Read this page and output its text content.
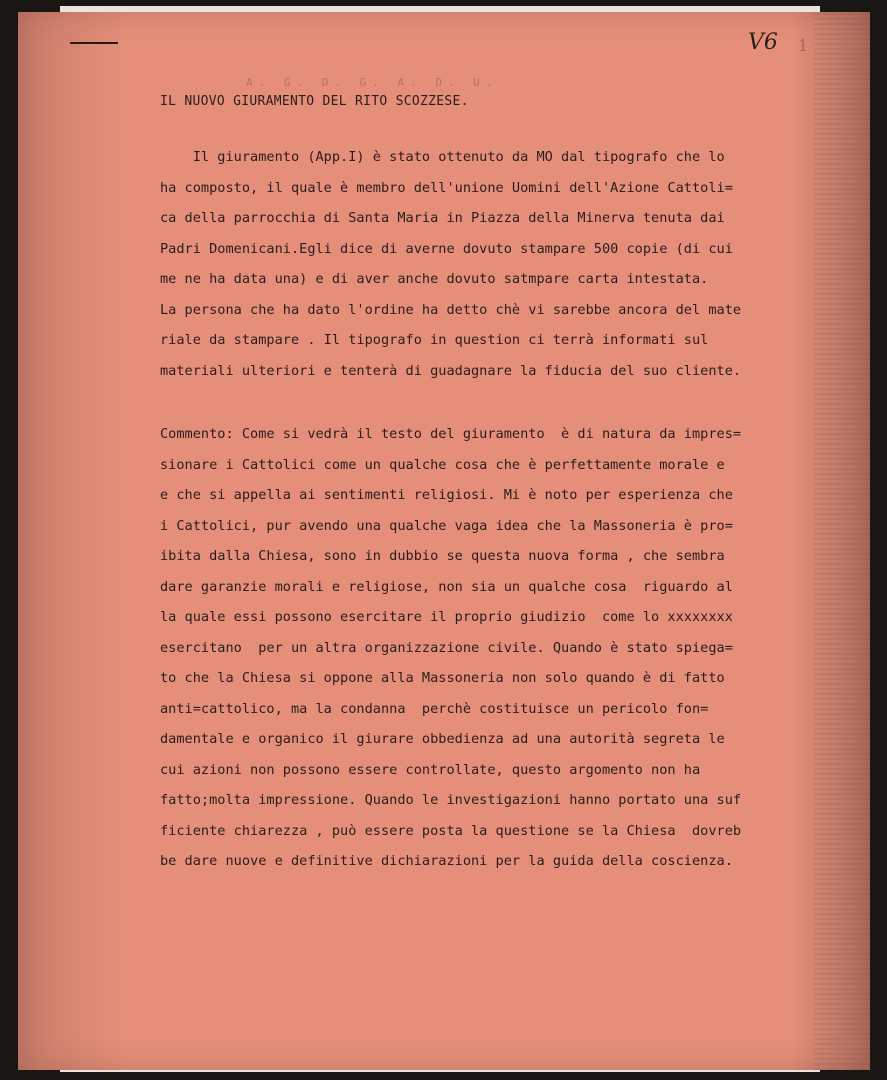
V6 1
A. G. D. G. A. D. U.
IL NUOVO GIURAMENTO DEL RITO SCOZZESE.
Il giuramento (App.I) è stato ottenuto da MO dal tipografo che lo
ha composto, il quale è membro dell'unione Uomini dell'Azione Cattoli=
ca della parrocchia di Santa Maria in Piazza della Minerva tenuta dai
Padri Domenicani.Egli dice di averne dovuto stampare 500 copie (di cui
me ne ha data una) e di aver anche dovuto satmpare carta intestata.
La persona che ha dato l'ordine ha detto chè vi sarebbe ancora del mate
riale da stampare . Il tipografo in question ci terrà informati sul
materiali ulteriori e tenterà di guadagnare la fiducia del suo cliente.
Commento: Come si vedrà il testo del giuramento  è di natura da impres=
sionare i Cattolici come un qualche cosa che è perfettamente morale e
e che si appella ai sentimenti religiosi. Mi è noto per esperienza che
i Cattolici, pur avendo una qualche vaga idea che la Massoneria è pro=
ibita dalla Chiesa, sono in dubbio se questa nuova forma , che sembra
dare garanzie morali e religiose, non sia un qualche cosa  riguardo al
la quale essi possono esercitare il proprio giudizio  come lo xxxxxxxx
esercitano  per un altra organizzazione civile. Quando è stato spiega=
to che la Chiesa si oppone alla Massoneria non solo quando è di fatto
anti=cattolico, ma la condanna  perchè costituisce un pericolo fon=
damentale e organico il giurare obbedienza ad una autorità segreta le
cui azioni non possono essere controllate, questo argomento non ha
fatto;molta impressione. Quando le investigazioni hanno portato una suf
ficiente chiarezza , può essere posta la questione se la Chiesa  dovreb
be dare nuove e definitive dichiarazioni per la guida della coscienza.
